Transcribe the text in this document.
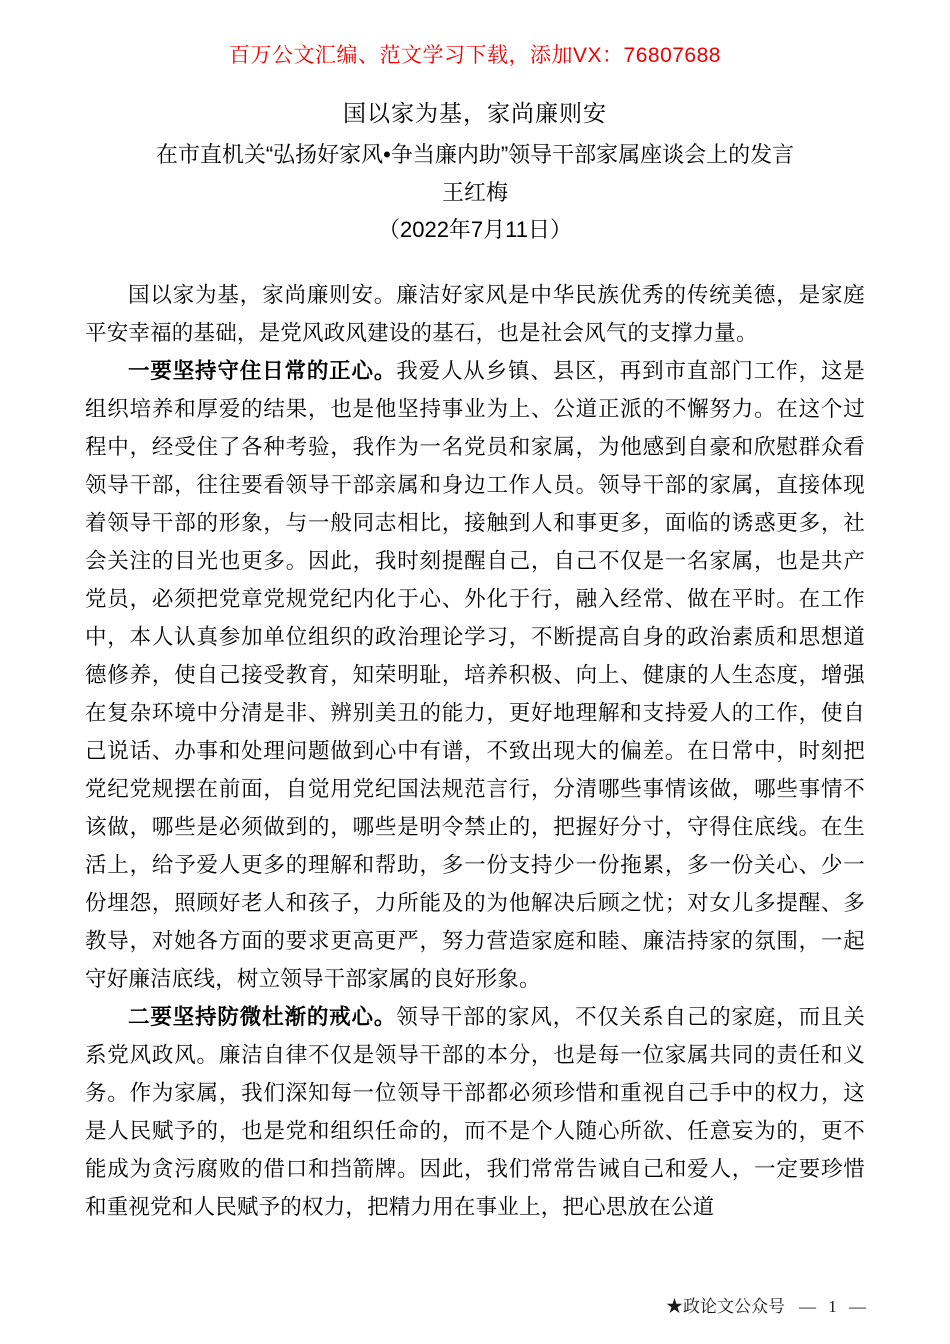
百万公文汇编、范文学习下载，添加VX：76807688
国以家为基，家尚廉则安
在市直机关“弘扬好家风•争当廉内助”领导干部家属座谈会上的发言
王红梅
（2022年7月11日）

国以家为基，家尚廉则安。廉洁好家风是中华民族优秀的传统美德，是家庭平安幸福的基础，是党风政风建设的基石，也是社会风气的支撑力量。

一要坚持守住日常的正心。我爱人从乡镇、县区，再到市直部门工作，这是组织培养和厚爱的结果，也是他坚持事业为上、公道正派的不懈努力。在这个过程中，经受住了各种考验，我作为一名党员和家属，为他感到自豪和欣慰群众看领导干部，往往要看领导干部亲属和身边工作人员。领导干部的家属，直接体现着领导干部的形象，与一般同志相比，接触到人和事更多，面临的诱惑更多，社会关注的目光也更多。因此，我时刻提醒自己，自己不仅是一名家属，也是共产党员，必须把党章党规党纪内化于心、外化于行，融入经常、做在平时。在工作中，本人认真参加单位组织的政治理论学习，不断提高自身的政治素质和思想道德修养，使自己接受教育，知荣明耻，培养积极、向上、健康的人生态度，增强在复杂环境中分清是非、辨别美丑的能力，更好地理解和支持爱人的工作，使自己说话、办事和处理问题做到心中有谱，不致出现大的偏差。在日常中，时刻把党纪党规摆在前面，自觉用党纪国法规范言行，分清哪些事情该做，哪些事情不该做，哪些是必须做到的，哪些是明令禁止的，把握好分寸，守得住底线。在生活上，给予爱人更多的理解和帮助，多一份支持少一份拖累，多一份关心、少一份埋怨，照顾好老人和孩子，力所能及的为他解决后顾之忧；对女儿多提醒、多教导，对她各方面的要求更高更严，努力营造家庭和睦、廉洁持家的氛围，一起守好廉洁底线，树立领导干部家属的良好形象。

二要坚持防微杜渐的戒心。领导干部的家风，不仅关系自己的家庭，而且关系党风政风。廉洁自律不仅是领导干部的本分，也是每一位家属共同的责任和义务。作为家属，我们深知每一位领导干部都必须珍惜和重视自己手中的权力，这是人民赋予的，也是党和组织任命的，而不是个人随心所欲、任意妄为的，更不能成为贪污腐败的借口和挡箭牌。因此，我们常常告诫自己和爱人，一定要珍惜和重视党和人民赋予的权力，把精力用在事业上，把心思放在公道

★政论文公众号 — 1 —
